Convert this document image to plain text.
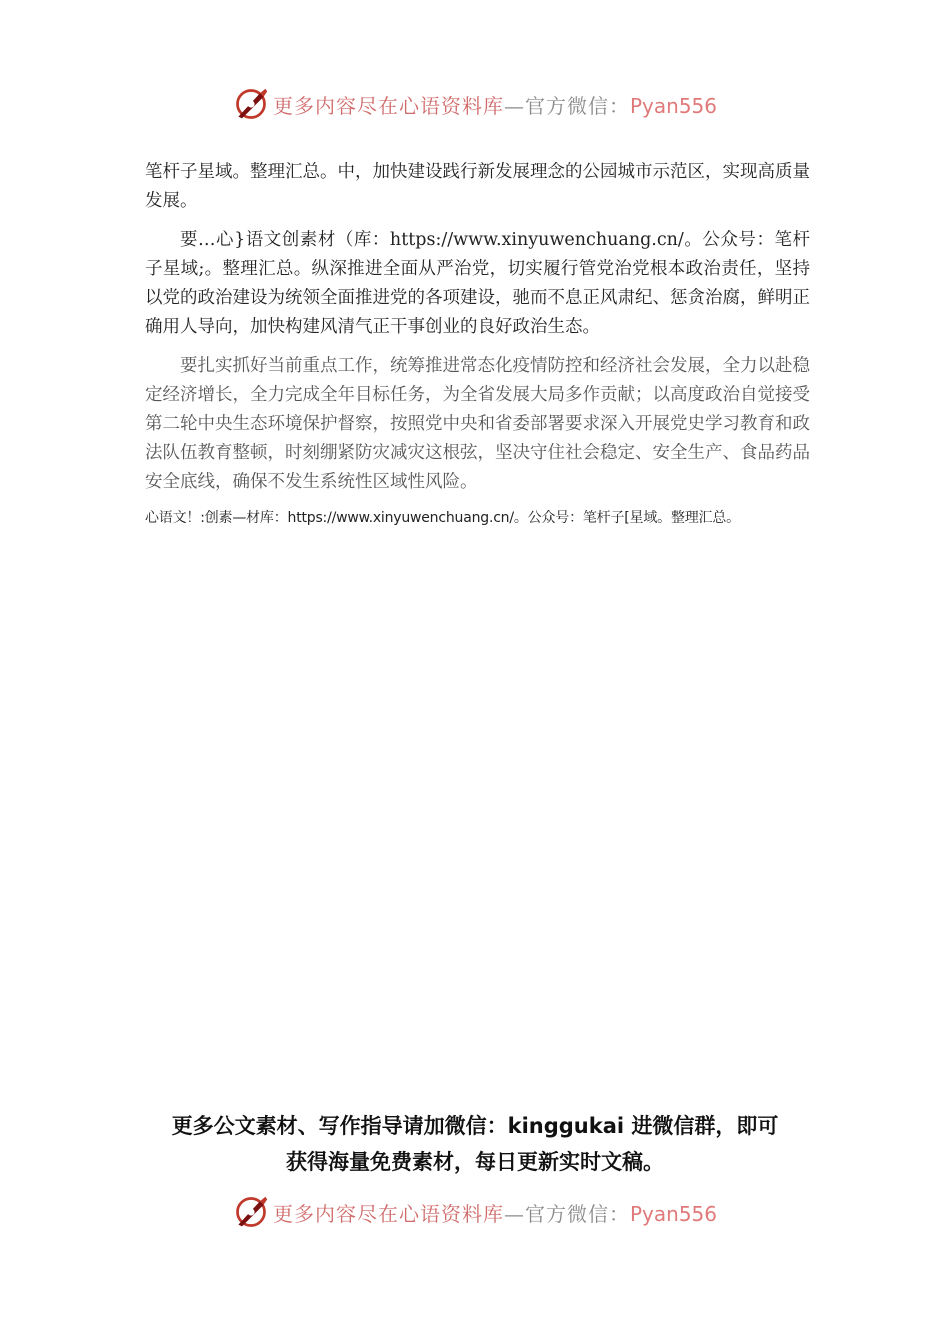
更多内容尽在心语资料库—官方微信：Pyan556

笔杆子星域。整理汇总。中，加快建设践行新发展理念的公园城市示范区，实现高质量发展。

要…心}语文创素材（库：https://www.xinyuwenchuang.cn/。公众号：笔杆子星域;。整理汇总。纵深推进全面从严治党，切实履行管党治党根本政治责任，坚持以党的政治建设为统领全面推进党的各项建设，驰而不息正风肃纪、惩贪治腐，鲜明正确用人导向，加快构建风清气正干事创业的良好政治生态。

要扎实抓好当前重点工作，统筹推进常态化疫情防控和经济社会发展，全力以赴稳定经济增长，全力完成全年目标任务，为全省发展大局多作贡献；以高度政治自觉接受第二轮中央生态环境保护督察，按照党中央和省委部署要求深入开展党史学习教育和政法队伍教育整顿，时刻绷紧防灾减灾这根弦，坚决守住社会稳定、安全生产、食品药品安全底线，确保不发生系统性区域性风险。

心语文！:创素—材库：https://www.xinyuwenchuang.cn/。公众号：笔杆子[星域。整理汇总。

更多公文素材、写作指导请加微信：kinggukai 进微信群，即可
获得海量免费素材，每日更新实时文稿。
更多内容尽在心语资料库—官方微信：Pyan556
